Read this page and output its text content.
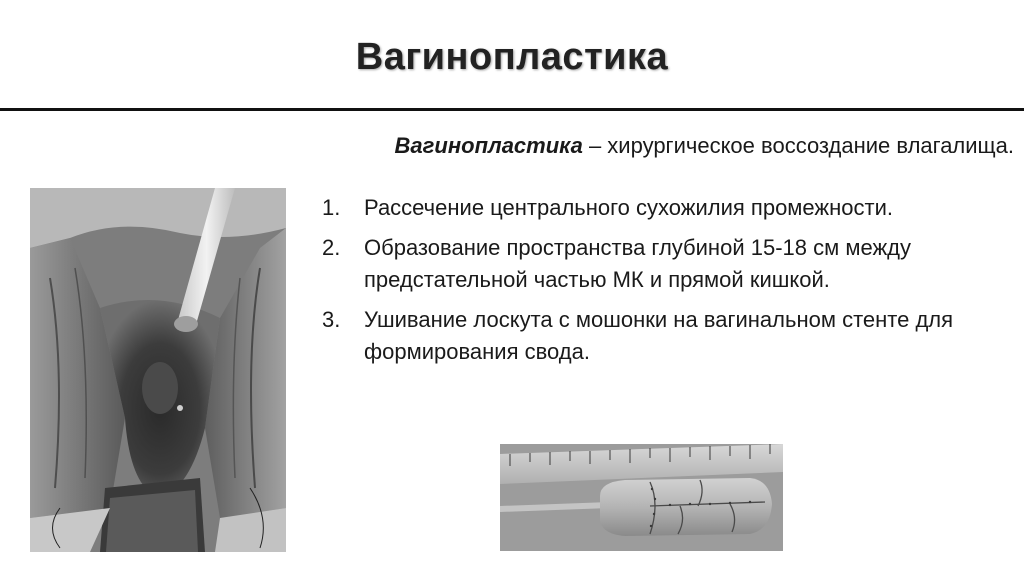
Вагинопластика
Вагинопластика – хирургическое воссоздание влагалища.
1. Рассечение центрального сухожилия промежности.
2. Образование пространства глубиной 15-18 см между предстательной частью МК и прямой кишкой.
3. Ушивание лоскута с мошонки на вагинальном стенте для формирования свода.
